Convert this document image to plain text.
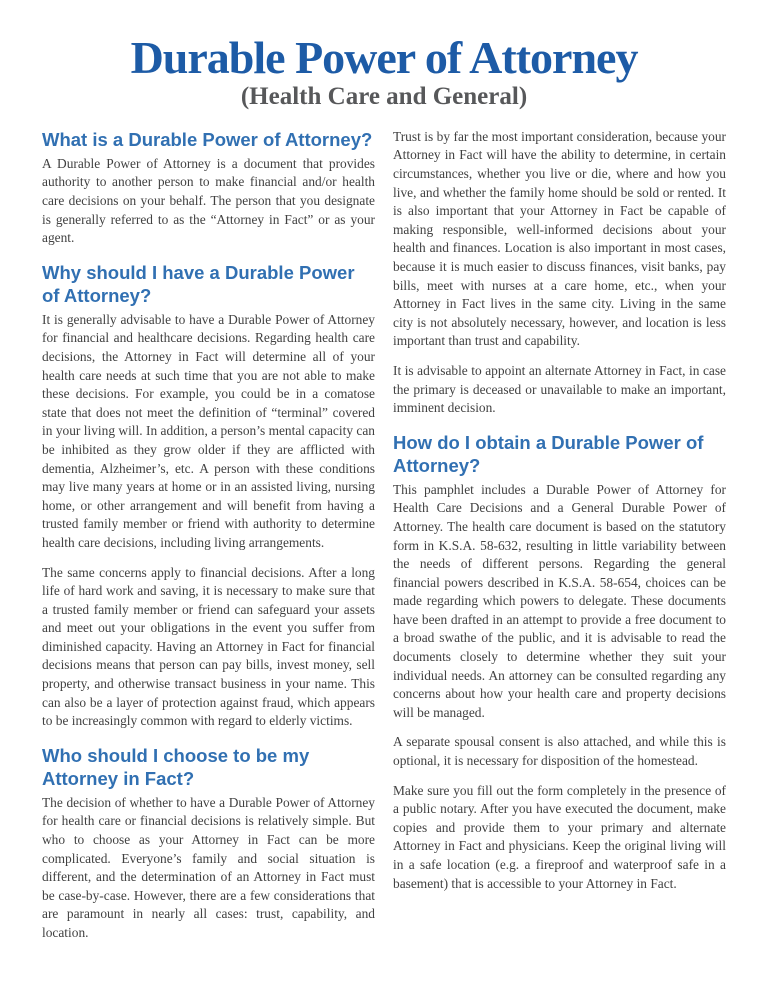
Durable Power of Attorney
(Health Care and General)
What is a Durable Power of Attorney?

A Durable Power of Attorney is a document that provides authority to another person to make financial and/or health care decisions on your behalf. The person that you designate is generally referred to as the “Attorney in Fact” or as your agent.

Why should I have a Durable Power of Attorney?

It is generally advisable to have a Durable Power of Attorney for financial and healthcare decisions. Regarding health care decisions, the Attorney in Fact will determine all of your health care needs at such time that you are not able to make these decisions. For example, you could be in a comatose state that does not meet the definition of “terminal” covered in your living will. In addition, a person’s mental capacity can be inhibited as they grow older if they are afflicted with dementia, Alzheimer’s, etc. A person with these conditions may live many years at home or in an assisted living, nursing home, or other arrangement and will benefit from having a trusted family member or friend with authority to determine health care decisions, including living arrangements.

The same concerns apply to financial decisions. After a long life of hard work and saving, it is necessary to make sure that a trusted family member or friend can safeguard your assets and meet out your obligations in the event you suffer from diminished capacity. Having an Attorney in Fact for financial decisions means that person can pay bills, invest money, sell property, and otherwise transact business in your name. This can also be a layer of protection against fraud, which appears to be increasingly common with regard to elderly victims.

Who should I choose to be my Attorney in Fact?

The decision of whether to have a Durable Power of Attorney for health care or financial decisions is relatively simple. But who to choose as your Attorney in Fact can be more complicated. Everyone’s family and social situation is different, and the determination of an Attorney in Fact must be case-by-case. However, there are a few considerations that are paramount in nearly all cases: trust, capability, and location.

Trust is by far the most important consideration, because your Attorney in Fact will have the ability to determine, in certain circumstances, whether you live or die, where and how you live, and whether the family home should be sold or rented. It is also important that your Attorney in Fact be capable of making responsible, well-informed decisions about your health and finances. Location is also important in most cases, because it is much easier to discuss finances, visit banks, pay bills, meet with nurses at a care home, etc., when your Attorney in Fact lives in the same city. Living in the same city is not absolutely necessary, however, and location is less important than trust and capability.

It is advisable to appoint an alternate Attorney in Fact, in case the primary is deceased or unavailable to make an important, imminent decision.

How do I obtain a Durable Power of Attorney?

This pamphlet includes a Durable Power of Attorney for Health Care Decisions and a General Durable Power of Attorney. The health care document is based on the statutory form in K.S.A. 58-632, resulting in little variability between the needs of different persons. Regarding the general financial powers described in K.S.A. 58-654, choices can be made regarding which powers to delegate. These documents have been drafted in an attempt to provide a free document to a broad swathe of the public, and it is advisable to read the documents closely to determine whether they suit your individual needs. An attorney can be consulted regarding any concerns about how your health care and property decisions will be managed.

A separate spousal consent is also attached, and while this is optional, it is necessary for disposition of the homestead.

Make sure you fill out the form completely in the presence of a public notary. After you have executed the document, make copies and provide them to your primary and alternate Attorney in Fact and physicians. Keep the original living will in a safe location (e.g. a fireproof and waterproof safe in a basement) that is accessible to your Attorney in Fact.
